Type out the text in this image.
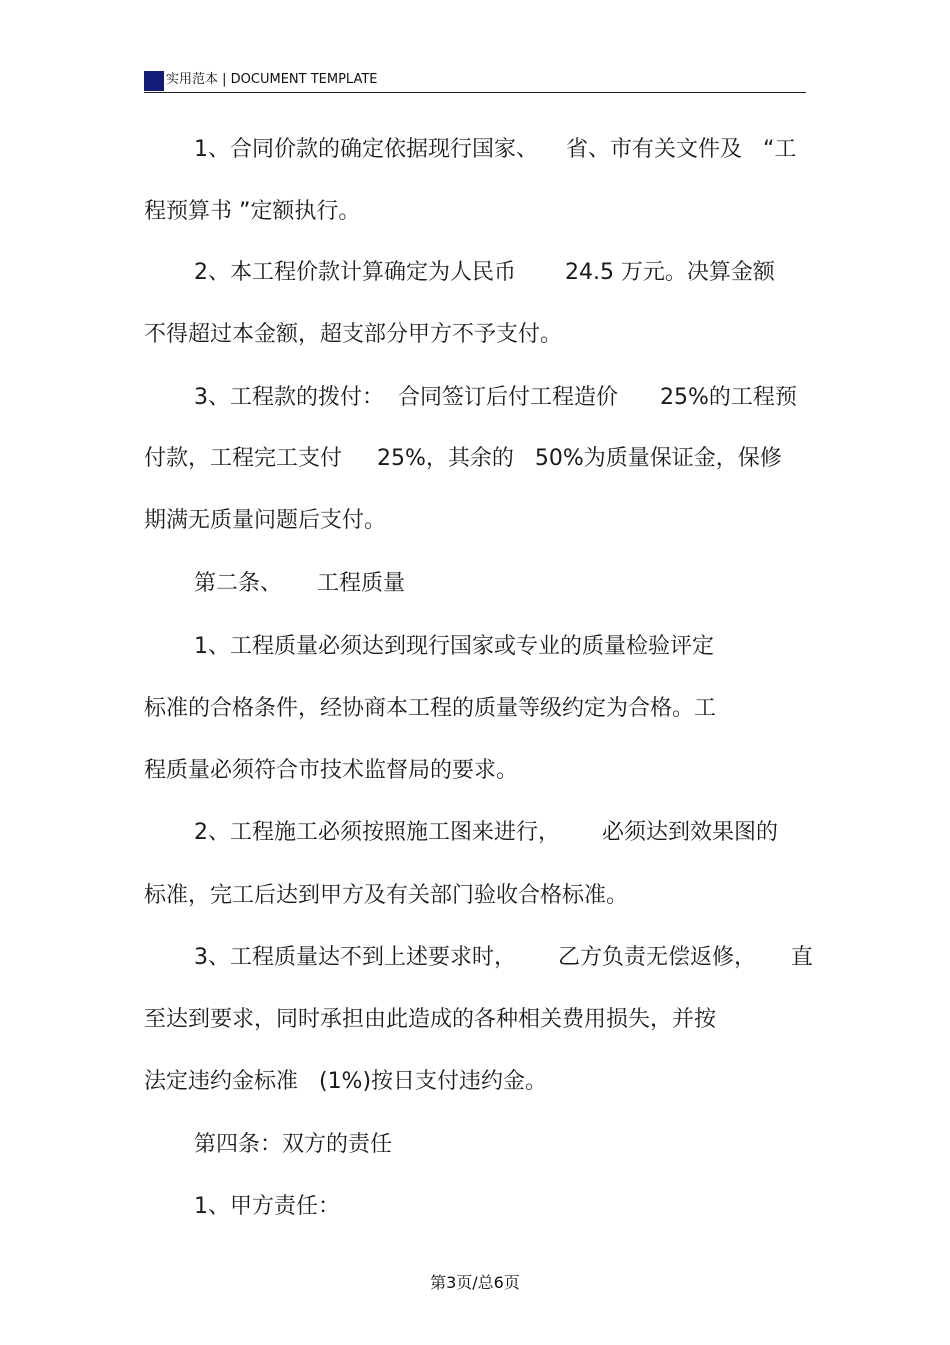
实用范本 | DOCUMENT TEMPLATE
1、合同价款的确定依据现行国家、    省、市有关文件及   “工
程预算书 ”定额执行。
2、本工程价款计算确定为人民币       24.5 万元。决算金额
不得超过本金额，超支部分甲方不予支付。
3、工程款的拨付：  合同签订后付工程造价      25%的工程预
付款，工程完工支付     25%，其余的   50%为质量保证金，保修
期满无质量问题后支付。
第二条、     工程质量
1、工程质量必须达到现行国家或专业的质量检验评定
标准的合格条件，经协商本工程的质量等级约定为合格。工
程质量必须符合市技术监督局的要求。
2、工程施工必须按照施工图来进行，      必须达到效果图的
标准，完工后达到甲方及有关部门验收合格标准。
3、工程质量达不到上述要求时，      乙方负责无偿返修，     直
至达到要求，同时承担由此造成的各种相关费用损失，并按
法定违约金标准   (1%)按日支付违约金。
第四条：双方的责任
1、甲方责任：
第3页/总6页
